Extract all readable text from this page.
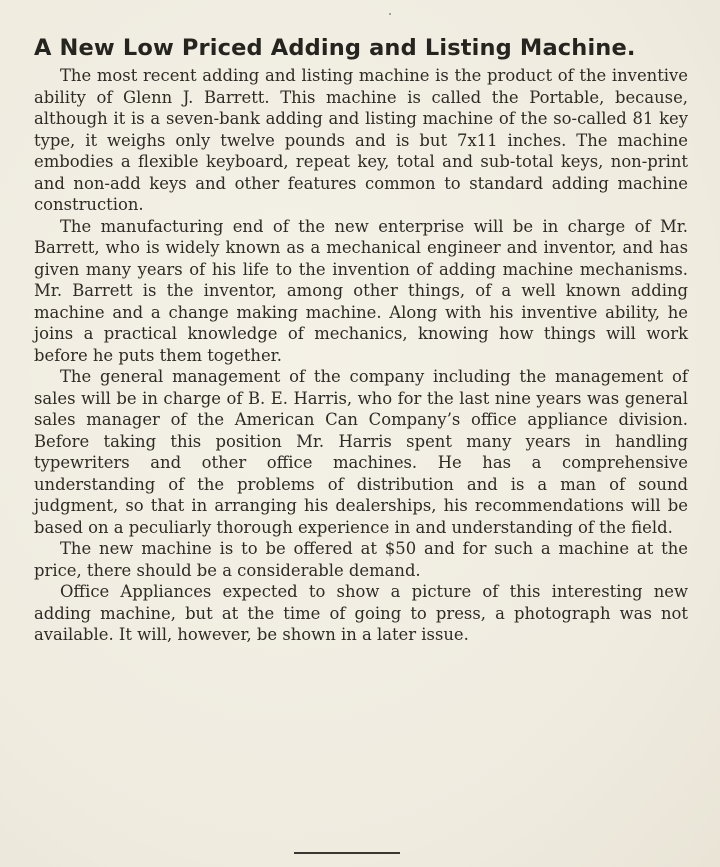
A New Low Priced Adding and Listing Machine.

The most recent adding and listing machine is the product of the inventive ability of Glenn J. Barrett. This machine is called the Portable, because, although it is a seven-bank adding and listing machine of the so-called 81 key type, it weighs only twelve pounds and is but 7x11 inches. The machine embodies a flexible keyboard, repeat key, total and sub-total keys, non-print and non-add keys and other features common to standard adding machine construction.

The manufacturing end of the new enterprise will be in charge of Mr. Barrett, who is widely known as a mechanical engineer and inventor, and has given many years of his life to the invention of adding machine mechanisms. Mr. Barrett is the inventor, among other things, of a well known adding machine and a change making machine. Along with his inventive ability, he joins a practical knowledge of mechanics, knowing how things will work before he puts them together.

The general management of the company including the management of sales will be in charge of B. E. Harris, who for the last nine years was general sales manager of the American Can Company’s office appliance division. Before taking this position Mr. Harris spent many years in handling typewriters and other office machines. He has a comprehensive understanding of the problems of distribution and is a man of sound judgment, so that in arranging his dealerships, his recommendations will be based on a peculiarly thorough experience in and understanding of the field.

The new machine is to be offered at $50 and for such a machine at the price, there should be a considerable demand.

Office Appliances expected to show a picture of this interesting new adding machine, but at the time of going to press, a photograph was not available. It will, however, be shown in a later issue.
